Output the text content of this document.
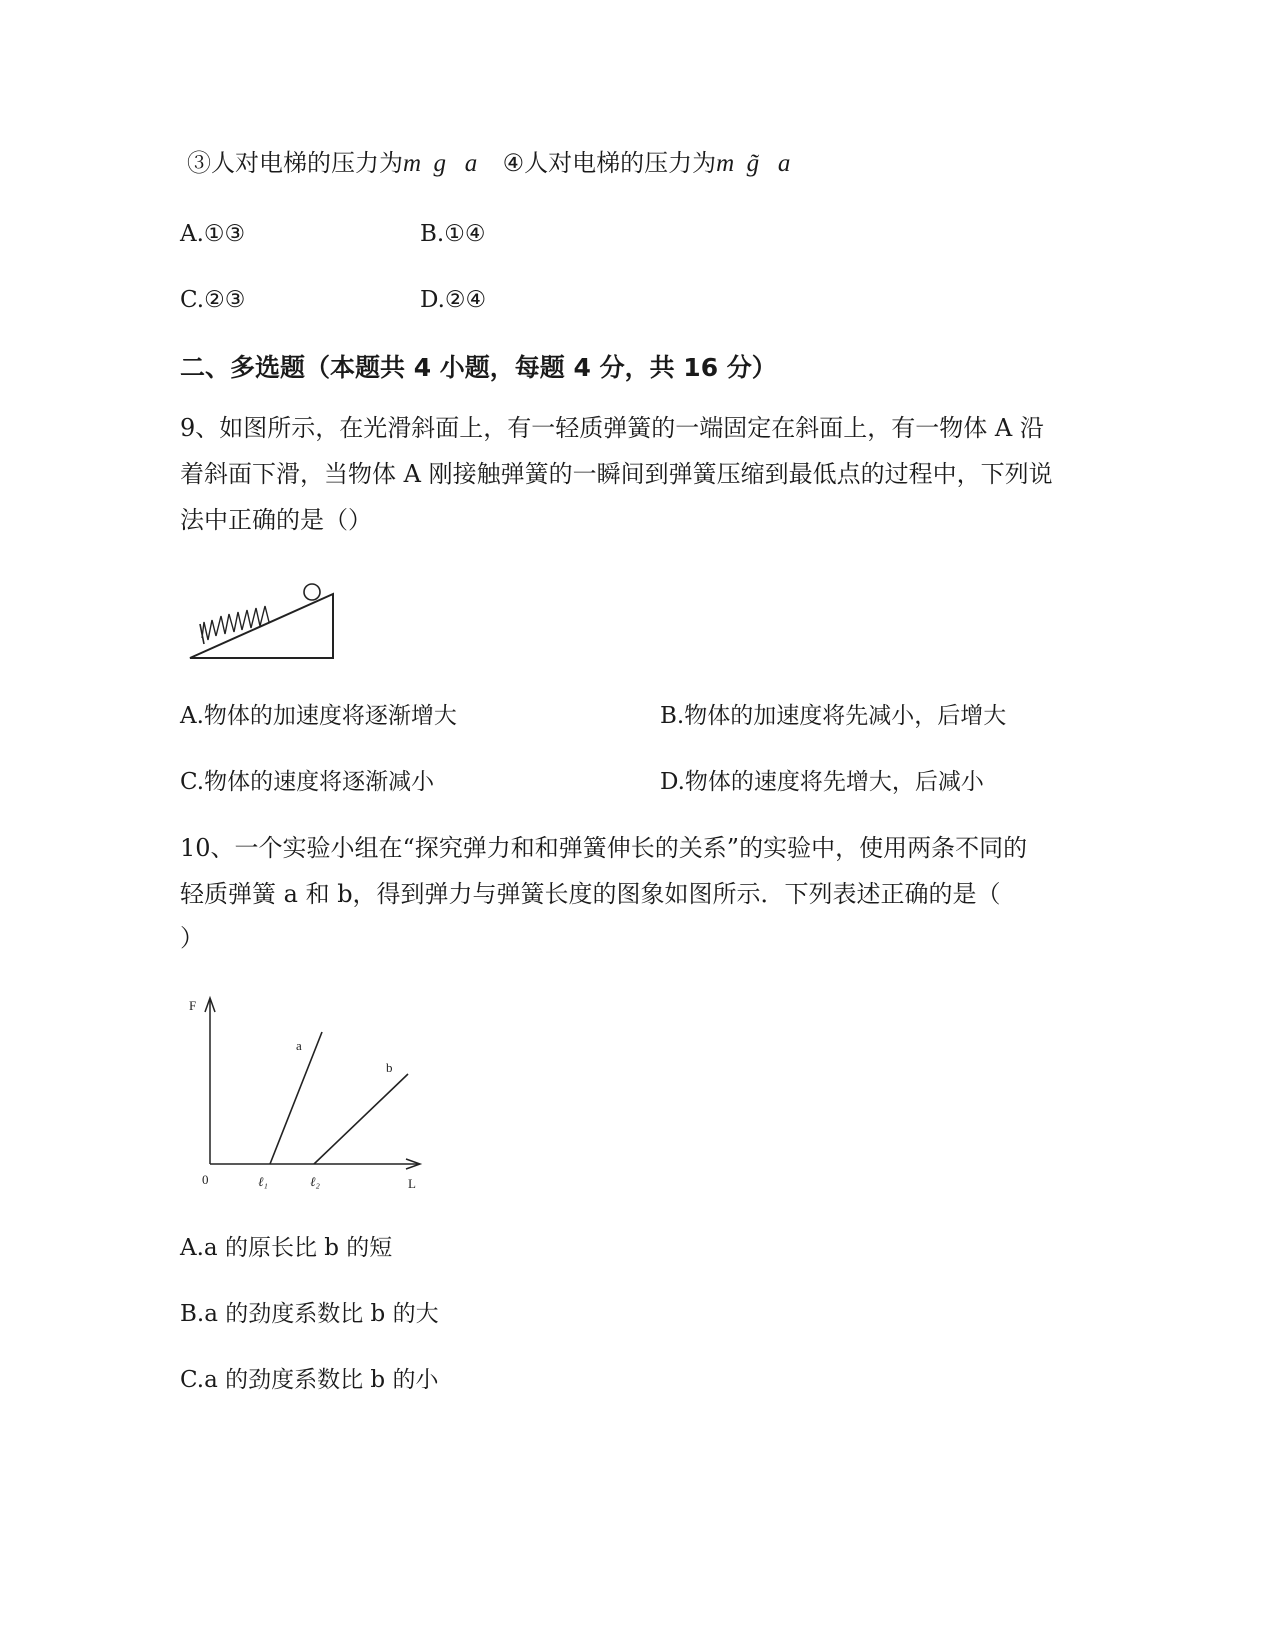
③人对电梯的压力为m  g   a ④人对电梯的压力为m  g̃   a
A.①③	B.①④
C.②③	D.②④
二、多选题（本题共 4 小题，每题 4 分，共 16 分）
9、如图所示，在光滑斜面上，有一轻质弹簧的一端固定在斜面上，有一物体 A 沿
着斜面下滑，当物体 A 刚接触弹簧的一瞬间到弹簧压缩到最低点的过程中，下列说
法中正确的是（）
A.物体的加速度将逐渐增大	B.物体的加速度将先减小，后增大
C.物体的速度将逐渐减小	D.物体的速度将先增大，后减小
10、一个实验小组在“探究弹力和和弹簧伸长的关系”的实验中，使用两条不同的
轻质弹簧 a 和 b，得到弹力与弹簧长度的图象如图所示．下列表述正确的是（
）
F
L
0	ℓ₁	ℓ₂
a
b
A.a 的原长比 b 的短
B.a 的劲度系数比 b 的大
C.a 的劲度系数比 b 的小
